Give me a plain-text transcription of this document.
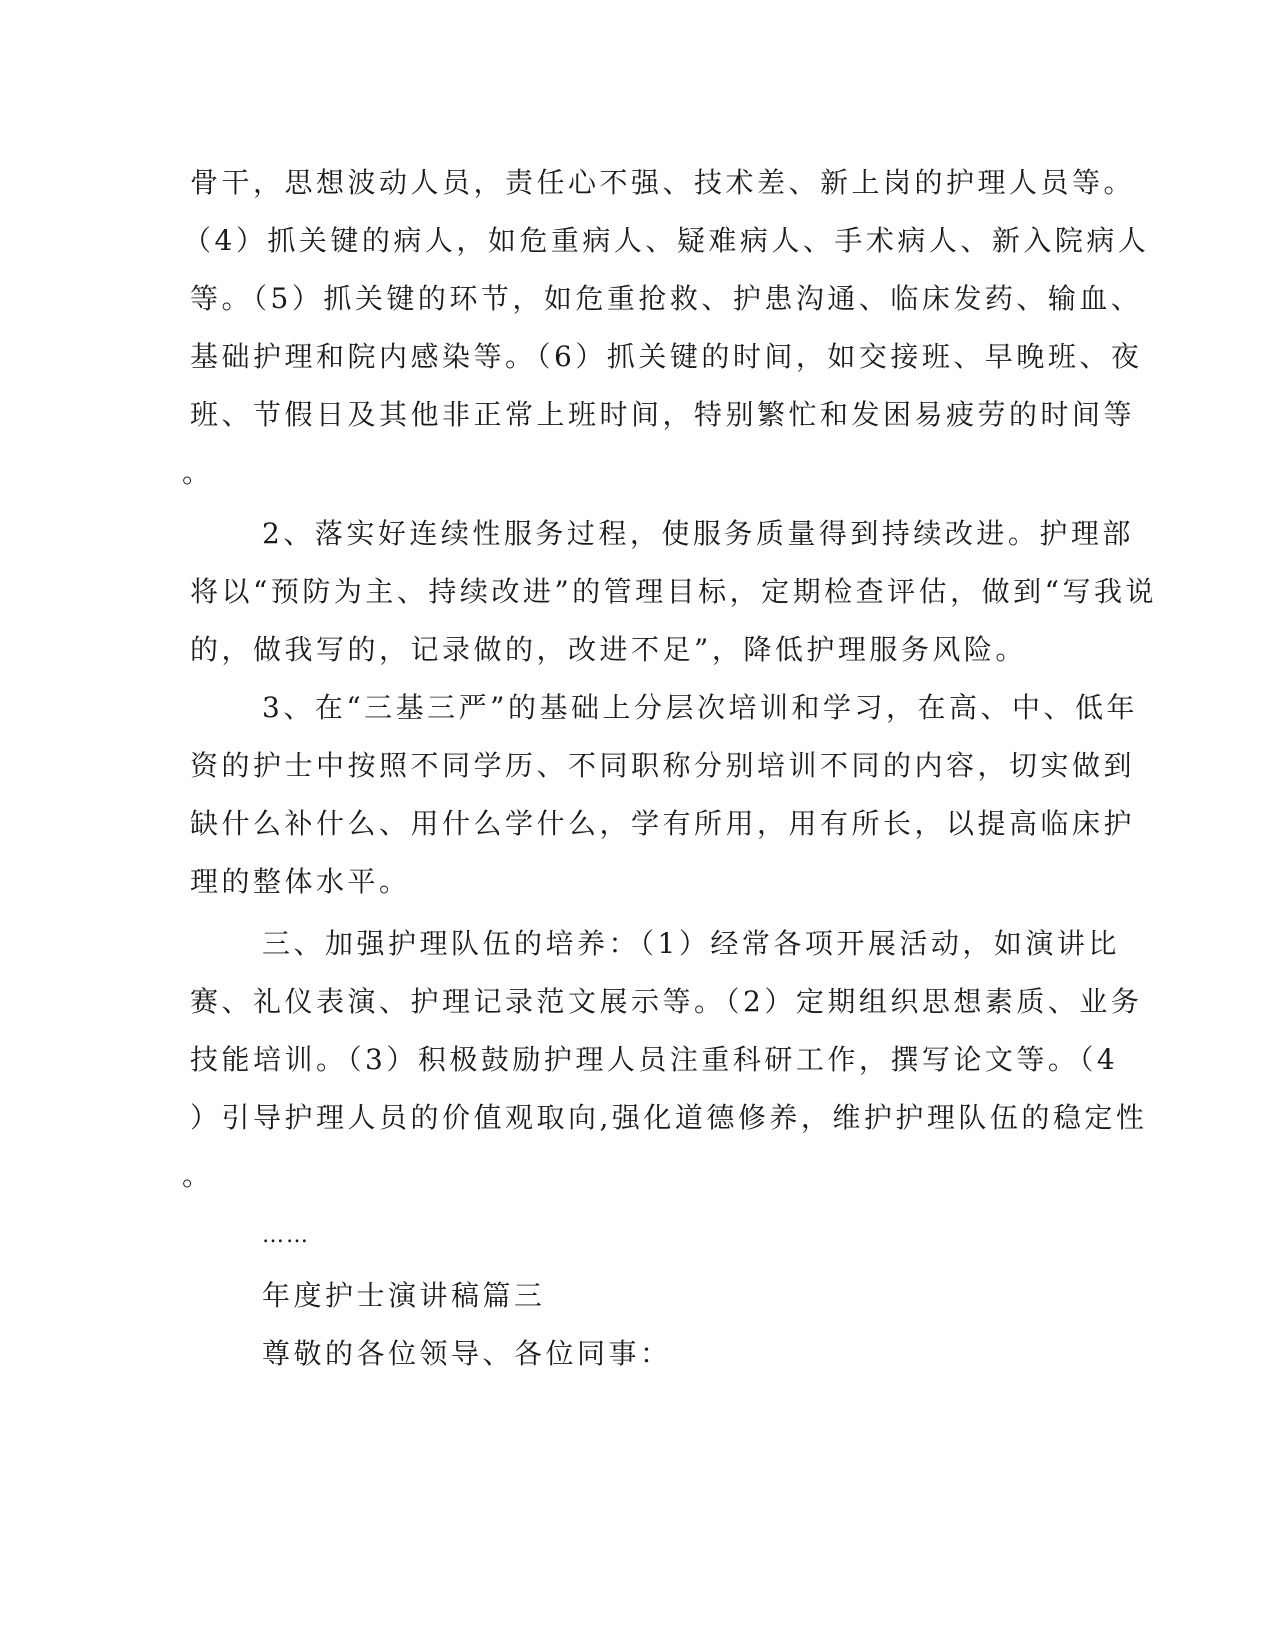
骨干，思想波动人员，责任心不强、技术差、新上岗的护理人员等。
（4）抓关键的病人，如危重病人、疑难病人、手术病人、新入院病人
等。（5）抓关键的环节，如危重抢救、护患沟通、临床发药、输血、
基础护理和院内感染等。（6）抓关键的时间，如交接班、早晚班、夜
班、节假日及其他非正常上班时间，特别繁忙和发困易疲劳的时间等
。
2、落实好连续性服务过程，使服务质量得到持续改进。护理部
将以“预防为主、持续改进”的管理目标，定期检查评估，做到“写我说
的，做我写的，记录做的，改进不足”，降低护理服务风险。
3、在“三基三严”的基础上分层次培训和学习，在高、中、低年
资的护士中按照不同学历、不同职称分别培训不同的内容，切实做到
缺什么补什么、用什么学什么，学有所用，用有所长，以提高临床护
理的整体水平。
三、加强护理队伍的培养：（1）经常各项开展活动，如演讲比
赛、礼仪表演、护理记录范文展示等。（2）定期组织思想素质、业务
技能培训。（3）积极鼓励护理人员注重科研工作，撰写论文等。（4
）引导护理人员的价值观取向,强化道德修养，维护护理队伍的稳定性
。
……
年度护士演讲稿篇三
尊敬的各位领导、各位同事：
